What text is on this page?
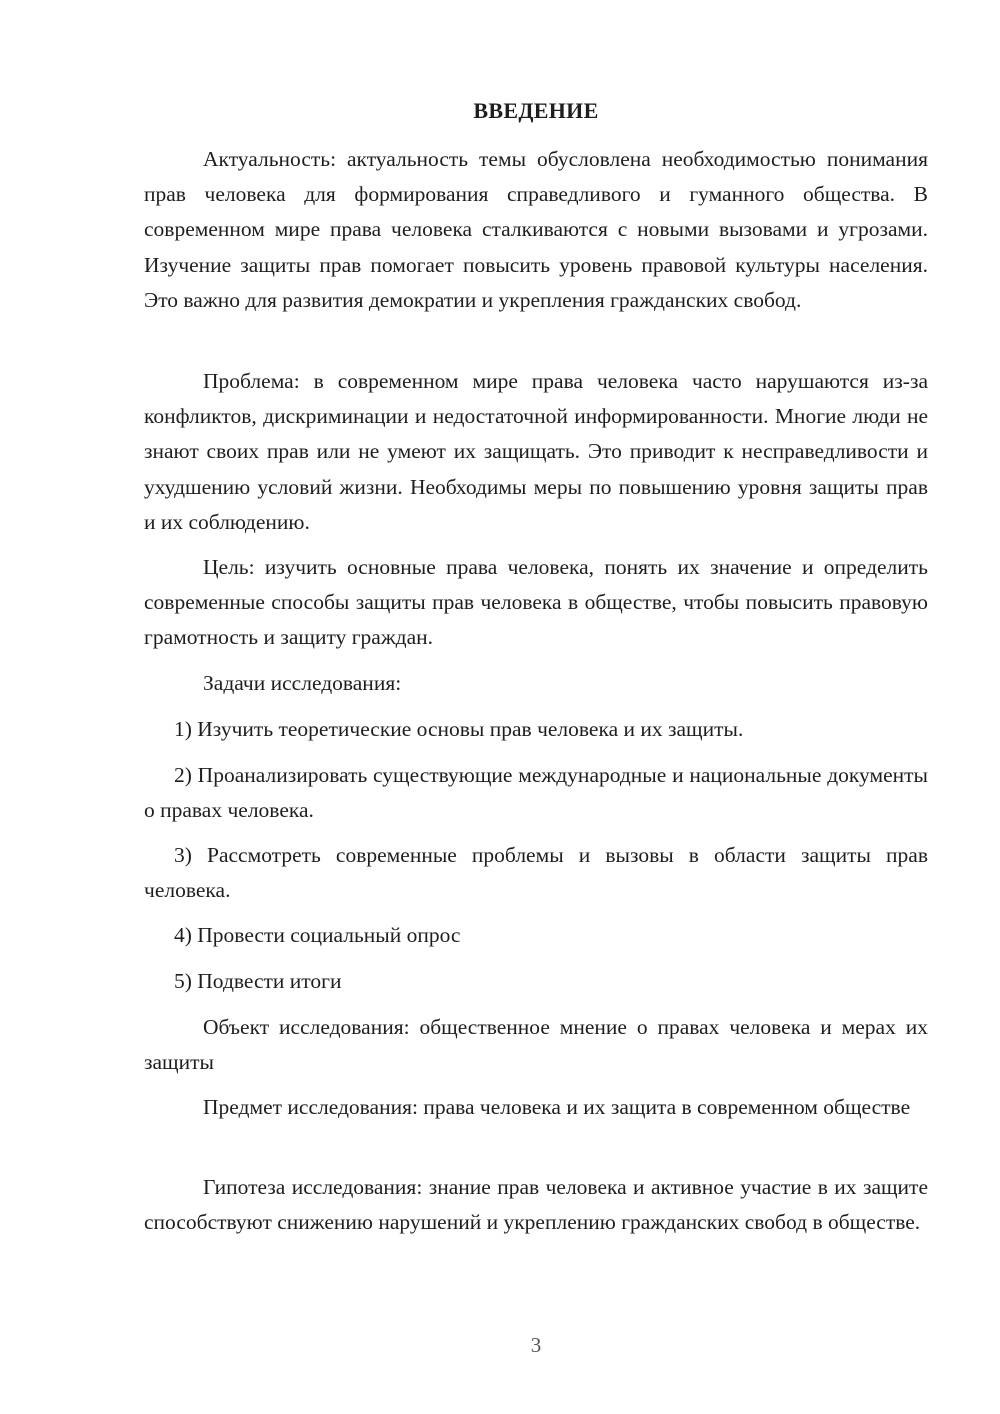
ВВЕДЕНИЕ

Актуальность: актуальность темы обусловлена необходимостью понимания прав человека для формирования справедливого и гуманного общества. В современном мире права человека сталкиваются с новыми вызовами и угрозами. Изучение защиты прав помогает повысить уровень правовой культуры населения. Это важно для развития демократии и укрепления гражданских свобод.

Проблема: в современном мире права человека часто нарушаются из-за конфликтов, дискриминации и недостаточной информированности. Многие люди не знают своих прав или не умеют их защищать. Это приводит к несправедливости и ухудшению условий жизни. Необходимы меры по повышению уровня защиты прав и их соблюдению.

Цель: изучить основные права человека, понять их значение и определить современные способы защиты прав человека в обществе, чтобы повысить правовую грамотность и защиту граждан.

Задачи исследования:

1) Изучить теоретические основы прав человека и их защиты.

2) Проанализировать существующие международные и национальные документы о правах человека.

3) Рассмотреть современные проблемы и вызовы в области защиты прав человека.

4) Провести социальный опрос

5) Подвести итоги

Объект исследования: общественное мнение о правах человека и мерах их защиты

Предмет исследования: права человека и их защита в современном обществе

Гипотеза исследования: знание прав человека и активное участие в их защите способствуют снижению нарушений и укреплению гражданских свобод в обществе.

3
